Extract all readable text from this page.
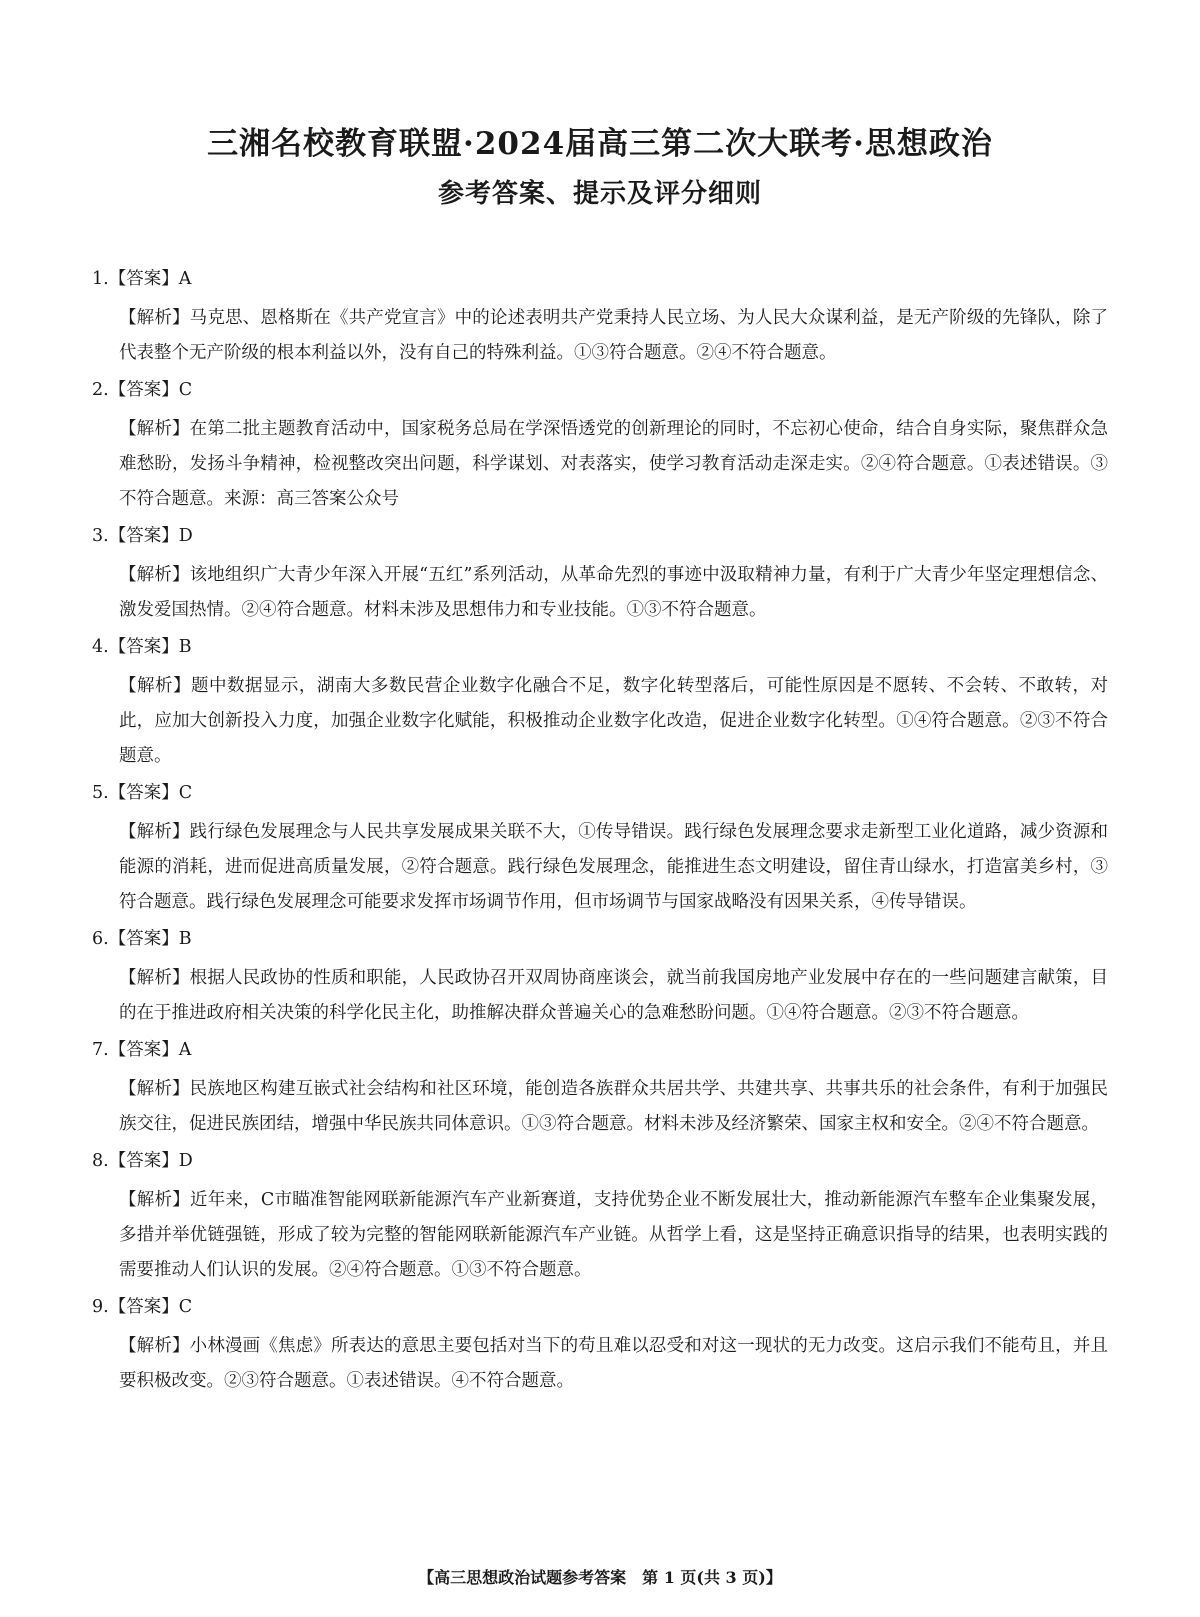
三湘名校教育联盟·2024届高三第二次大联考·思想政治
参考答案、提示及评分细则
1.【答案】A
【解析】马克思、恩格斯在《共产党宣言》中的论述表明共产党秉持人民立场、为人民大众谋利益，是无产阶级的先锋队，除了代表整个无产阶级的根本利益以外，没有自己的特殊利益。①③符合题意。②④不符合题意。
2.【答案】C
【解析】在第二批主题教育活动中，国家税务总局在学深悟透党的创新理论的同时，不忘初心使命，结合自身实际，聚焦群众急难愁盼，发扬斗争精神，检视整改突出问题，科学谋划、对表落实，使学习教育活动走深走实。②④符合题意。①表述错误。③不符合题意。来源：高三答案公众号
3.【答案】D
【解析】该地组织广大青少年深入开展“五红”系列活动，从革命先烈的事迹中汲取精神力量，有利于广大青少年坚定理想信念、激发爱国热情。②④符合题意。材料未涉及思想伟力和专业技能。①③不符合题意。
4.【答案】B
【解析】题中数据显示，湖南大多数民营企业数字化融合不足，数字化转型落后，可能性原因是不愿转、不会转、不敢转，对此，应加大创新投入力度，加强企业数字化赋能，积极推动企业数字化改造，促进企业数字化转型。①④符合题意。②③不符合题意。
5.【答案】C
【解析】践行绿色发展理念与人民共享发展成果关联不大，①传导错误。践行绿色发展理念要求走新型工业化道路，减少资源和能源的消耗，进而促进高质量发展，②符合题意。践行绿色发展理念，能推进生态文明建设，留住青山绿水，打造富美乡村，③符合题意。践行绿色发展理念可能要求发挥市场调节作用，但市场调节与国家战略没有因果关系，④传导错误。
6.【答案】B
【解析】根据人民政协的性质和职能，人民政协召开双周协商座谈会，就当前我国房地产业发展中存在的一些问题建言献策，目的在于推进政府相关决策的科学化民主化，助推解决群众普遍关心的急难愁盼问题。①④符合题意。②③不符合题意。
7.【答案】A
【解析】民族地区构建互嵌式社会结构和社区环境，能创造各族群众共居共学、共建共享、共事共乐的社会条件，有利于加强民族交往，促进民族团结，增强中华民族共同体意识。①③符合题意。材料未涉及经济繁荣、国家主权和安全。②④不符合题意。
8.【答案】D
【解析】近年来，C市瞄准智能网联新能源汽车产业新赛道，支持优势企业不断发展壮大，推动新能源汽车整车企业集聚发展，多措并举优链强链，形成了较为完整的智能网联新能源汽车产业链。从哲学上看，这是坚持正确意识指导的结果，也表明实践的需要推动人们认识的发展。②④符合题意。①③不符合题意。
9.【答案】C
【解析】小林漫画《焦虑》所表达的意思主要包括对当下的苟且难以忍受和对这一现状的无力改变。这启示我们不能苟且，并且要积极改变。②③符合题意。①表述错误。④不符合题意。
【高三思想政治试题参考答案　第 1 页(共 3 页)】
